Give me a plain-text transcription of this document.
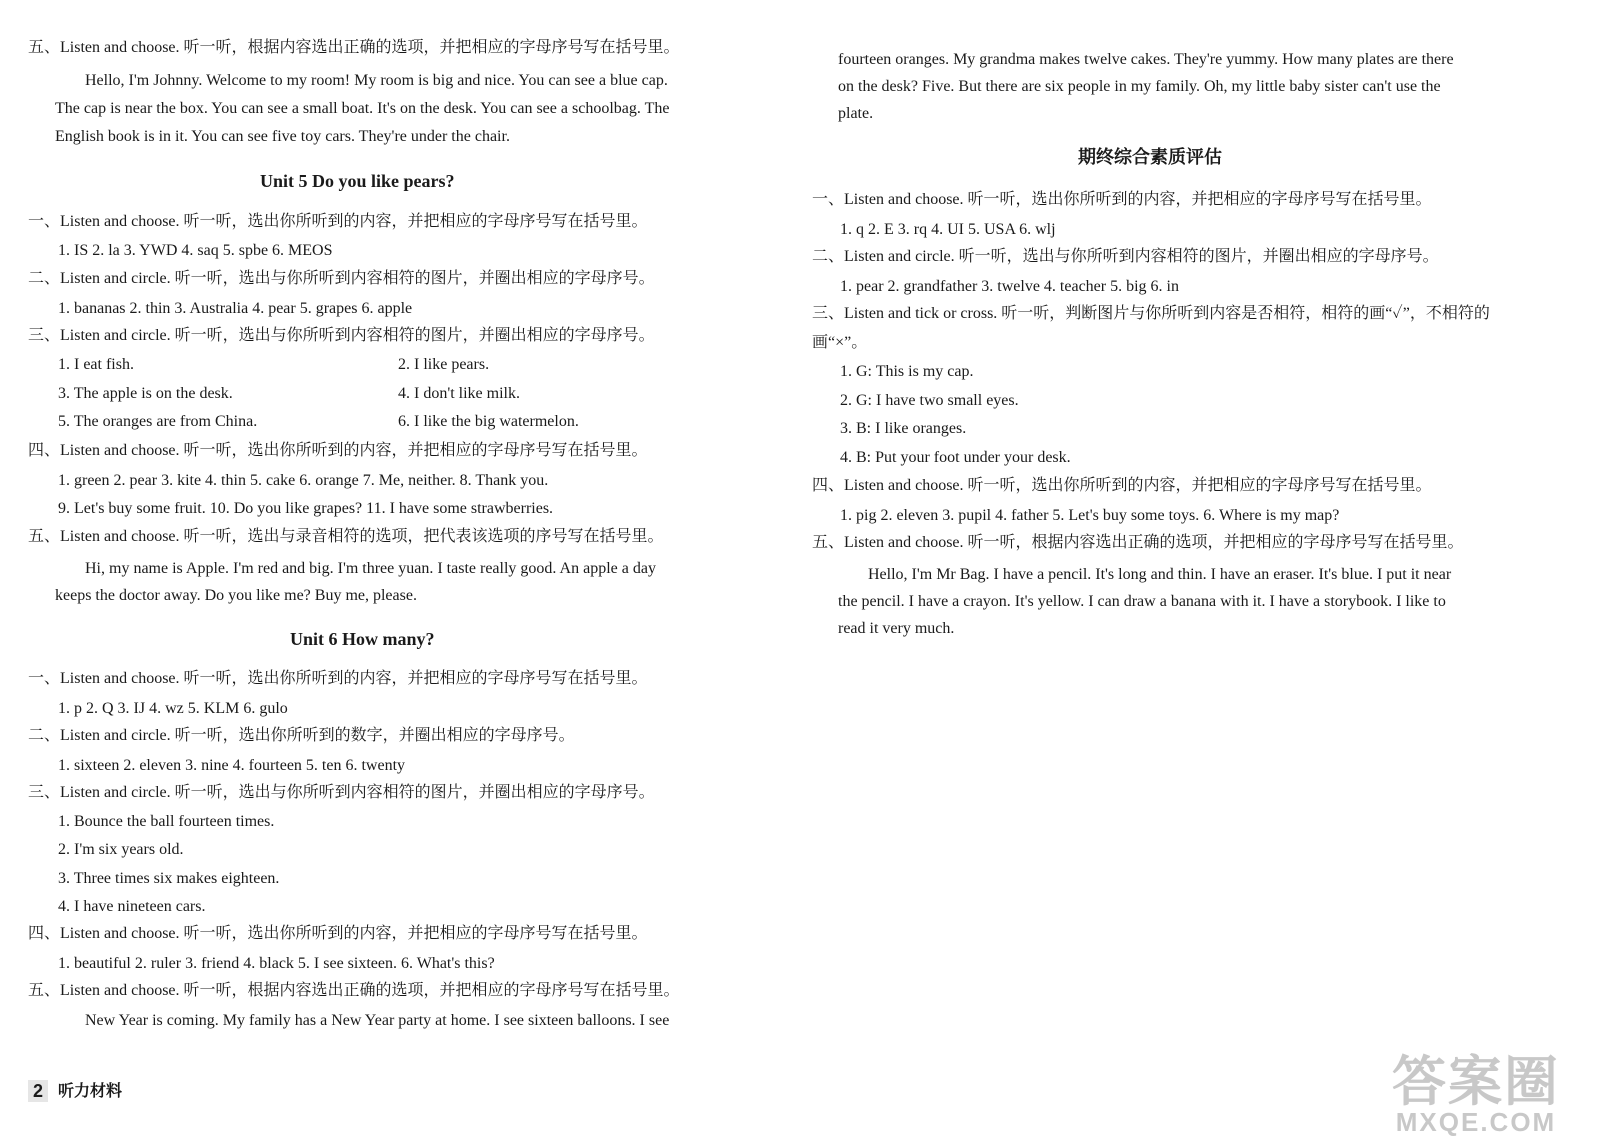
五、Listen and choose. 听一听，根据内容选出正确的选项，并把相应的字母序号写在括号里。
Hello, I'm Johnny. Welcome to my room! My room is big and nice. You can see a blue cap.
The cap is near the box. You can see a small boat. It's on the desk. You can see a schoolbag. The
English book is in it. You can see five toy cars. They're under the chair.
Unit 5 Do you like pears?
一、Listen and choose. 听一听，选出你所听到的内容，并把相应的字母序号写在括号里。
1. IS 2. la 3. YWD 4. saq 5. spbe 6. MEOS
二、Listen and circle. 听一听，选出与你所听到内容相符的图片，并圈出相应的字母序号。
1. bananas 2. thin 3. Australia 4. pear 5. grapes 6. apple
三、Listen and circle. 听一听，选出与你所听到内容相符的图片，并圈出相应的字母序号。
1. I eat fish.	2. I like pears.
3. The apple is on the desk.	4. I don't like milk.
5. The oranges are from China.	6. I like the big watermelon.
四、Listen and choose. 听一听，选出你所听到的内容，并把相应的字母序号写在括号里。
1. green 2. pear 3. kite 4. thin 5. cake 6. orange 7. Me, neither. 8. Thank you.
9. Let's buy some fruit. 10. Do you like grapes? 11. I have some strawberries.
五、Listen and choose. 听一听，选出与录音相符的选项，把代表该选项的序号写在括号里。
Hi, my name is Apple. I'm red and big. I'm three yuan. I taste really good. An apple a day
keeps the doctor away. Do you like me? Buy me, please.
Unit 6 How many?
一、Listen and choose. 听一听，选出你所听到的内容，并把相应的字母序号写在括号里。
1. p 2. Q 3. IJ 4. wz 5. KLM 6. gulo
二、Listen and circle. 听一听，选出你所听到的数字，并圈出相应的字母序号。
1. sixteen 2. eleven 3. nine 4. fourteen 5. ten 6. twenty
三、Listen and circle. 听一听，选出与你所听到内容相符的图片，并圈出相应的字母序号。
1. Bounce the ball fourteen times.
2. I'm six years old.
3. Three times six makes eighteen.
4. I have nineteen cars.
四、Listen and choose. 听一听，选出你所听到的内容，并把相应的字母序号写在括号里。
1. beautiful 2. ruler 3. friend 4. black 5. I see sixteen. 6. What's this?
五、Listen and choose. 听一听，根据内容选出正确的选项，并把相应的字母序号写在括号里。
New Year is coming. My family has a New Year party at home. I see sixteen balloons. I see
2 听力材料
fourteen oranges. My grandma makes twelve cakes. They're yummy. How many plates are there
on the desk? Five. But there are six people in my family. Oh, my little baby sister can't use the
plate.
期终综合素质评估
一、Listen and choose. 听一听，选出你所听到的内容，并把相应的字母序号写在括号里。
1. q 2. E 3. rq 4. UI 5. USA 6. wlj
二、Listen and circle. 听一听，选出与你所听到内容相符的图片，并圈出相应的字母序号。
1. pear 2. grandfather 3. twelve 4. teacher 5. big 6. in
三、Listen and tick or cross. 听一听，判断图片与你所听到内容是否相符，相符的画“✓”，不相符的
画“×”。
1. G: This is my cap.
2. G: I have two small eyes.
3. B: I like oranges.
4. B: Put your foot under your desk.
四、Listen and choose. 听一听，选出你所听到的内容，并把相应的字母序号写在括号里。
1. pig 2. eleven 3. pupil 4. father 5. Let's buy some toys. 6. Where is my map?
五、Listen and choose. 听一听，根据内容选出正确的选项，并把相应的字母序号写在括号里。
Hello, I'm Mr Bag. I have a pencil. It's long and thin. I have an eraser. It's blue. I put it near
the pencil. I have a crayon. It's yellow. I can draw a banana with it. I have a storybook. I like to
read it very much.
答案圈
MXQE.COM
